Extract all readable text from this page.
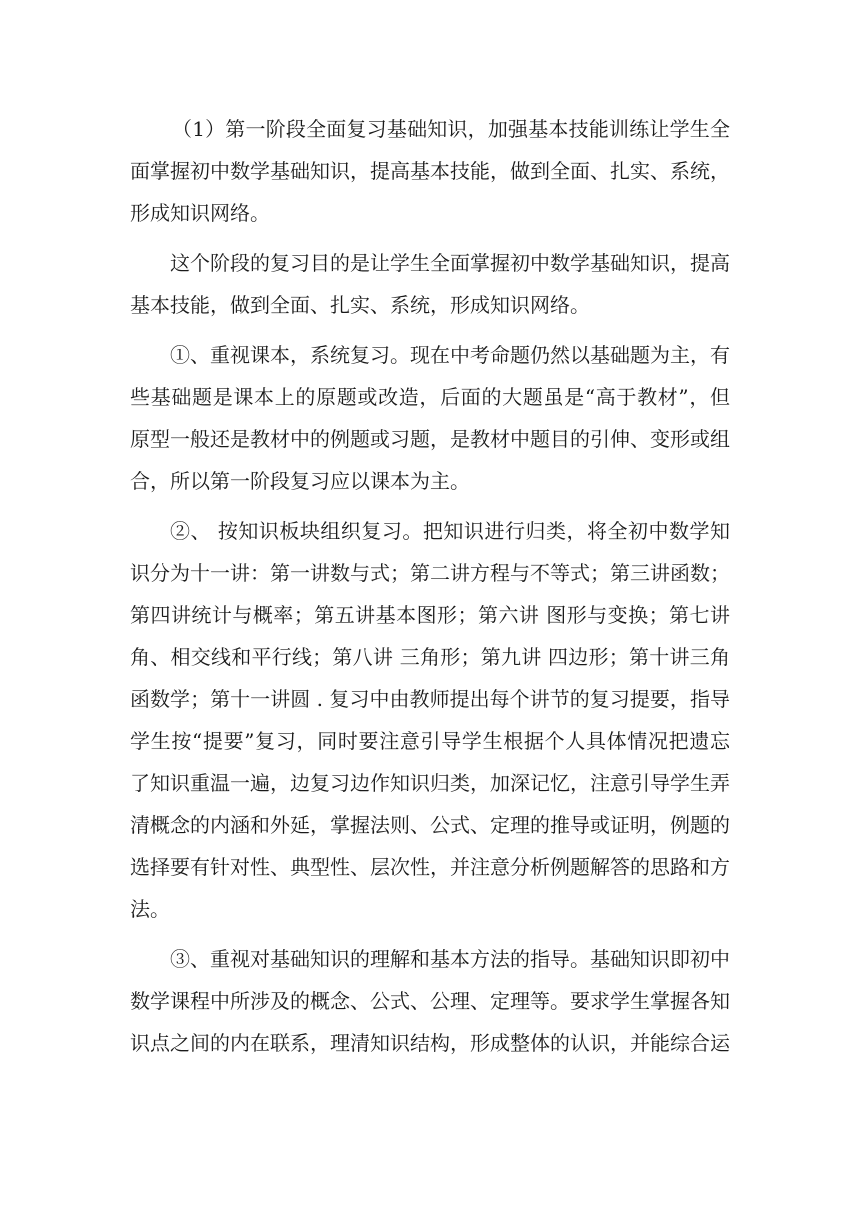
（1）第一阶段全面复习基础知识，加强基本技能训练让学生全面掌握初中数学基础知识，提高基本技能，做到全面、扎实、系统，形成知识网络。

这个阶段的复习目的是让学生全面掌握初中数学基础知识，提高基本技能，做到全面、扎实、系统，形成知识网络。

①、重视课本，系统复习。现在中考命题仍然以基础题为主，有些基础题是课本上的原题或改造，后面的大题虽是“高于教材”，但原型一般还是教材中的例题或习题，是教材中题目的引伸、变形或组合，所以第一阶段复习应以课本为主。

②、 按知识板块组织复习。把知识进行归类，将全初中数学知识分为十一讲：第一讲数与式；第二讲方程与不等式；第三讲函数；第四讲统计与概率；第五讲基本图形；第六讲 图形与变换；第七讲角、相交线和平行线；第八讲 三角形；第九讲 四边形；第十讲三角函数学；第十一讲圆 . 复习中由教师提出每个讲节的复习提要，指导学生按“提要”复习，同时要注意引导学生根据个人具体情况把遗忘了知识重温一遍，边复习边作知识归类，加深记忆，注意引导学生弄清概念的内涵和外延，掌握法则、公式、定理的推导或证明，例题的选择要有针对性、典型性、层次性，并注意分析例题解答的思路和方法。

③、重视对基础知识的理解和基本方法的指导。基础知识即初中数学课程中所涉及的概念、公式、公理、定理等。要求学生掌握各知识点之间的内在联系，理清知识结构，形成整体的认识，并能综合运
